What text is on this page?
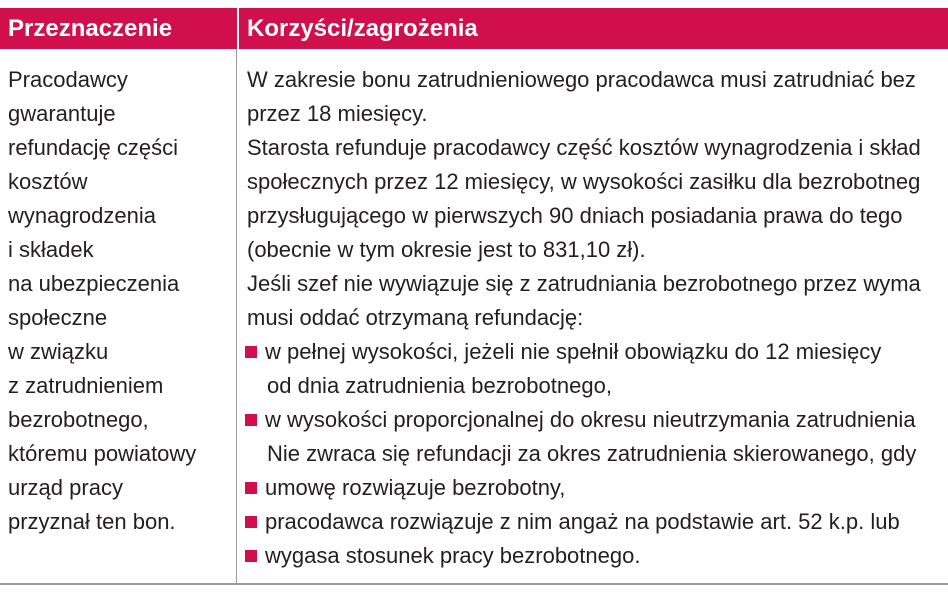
Przeznaczenie	Korzyści/zagrożenia
Pracodawcy
gwarantuje
refundację części
kosztów
wynagrodzenia
i składek
na ubezpieczenia
społeczne
w związku
z zatrudnieniem
bezrobotnego,
któremu powiatowy
urząd pracy
przyznał ten bon.
W zakresie bonu zatrudnieniowego pracodawca musi zatrudniać bez
przez 18 miesięcy.
Starosta refunduje pracodawcy część kosztów wynagrodzenia i skład
społecznych przez 12 miesięcy, w wysokości zasiłku dla bezrobotneg
przysługującego w pierwszych 90 dniach posiadania prawa do tego
(obecnie w tym okresie jest to 831,10 zł).
Jeśli szef nie wywiązuje się z zatrudniania bezrobotnego przez wyma
musi oddać otrzymaną refundację:
w pełnej wysokości, jeżeli nie spełnił obowiązku do 12 miesięcy
od dnia zatrudnienia bezrobotnego,
w wysokości proporcjonalnej do okresu nieutrzymania zatrudnienia
Nie zwraca się refundacji za okres zatrudnienia skierowanego, gdy
umowę rozwiązuje bezrobotny,
pracodawca rozwiązuje z nim angaż na podstawie art. 52 k.p. lub
wygasa stosunek pracy bezrobotnego.
